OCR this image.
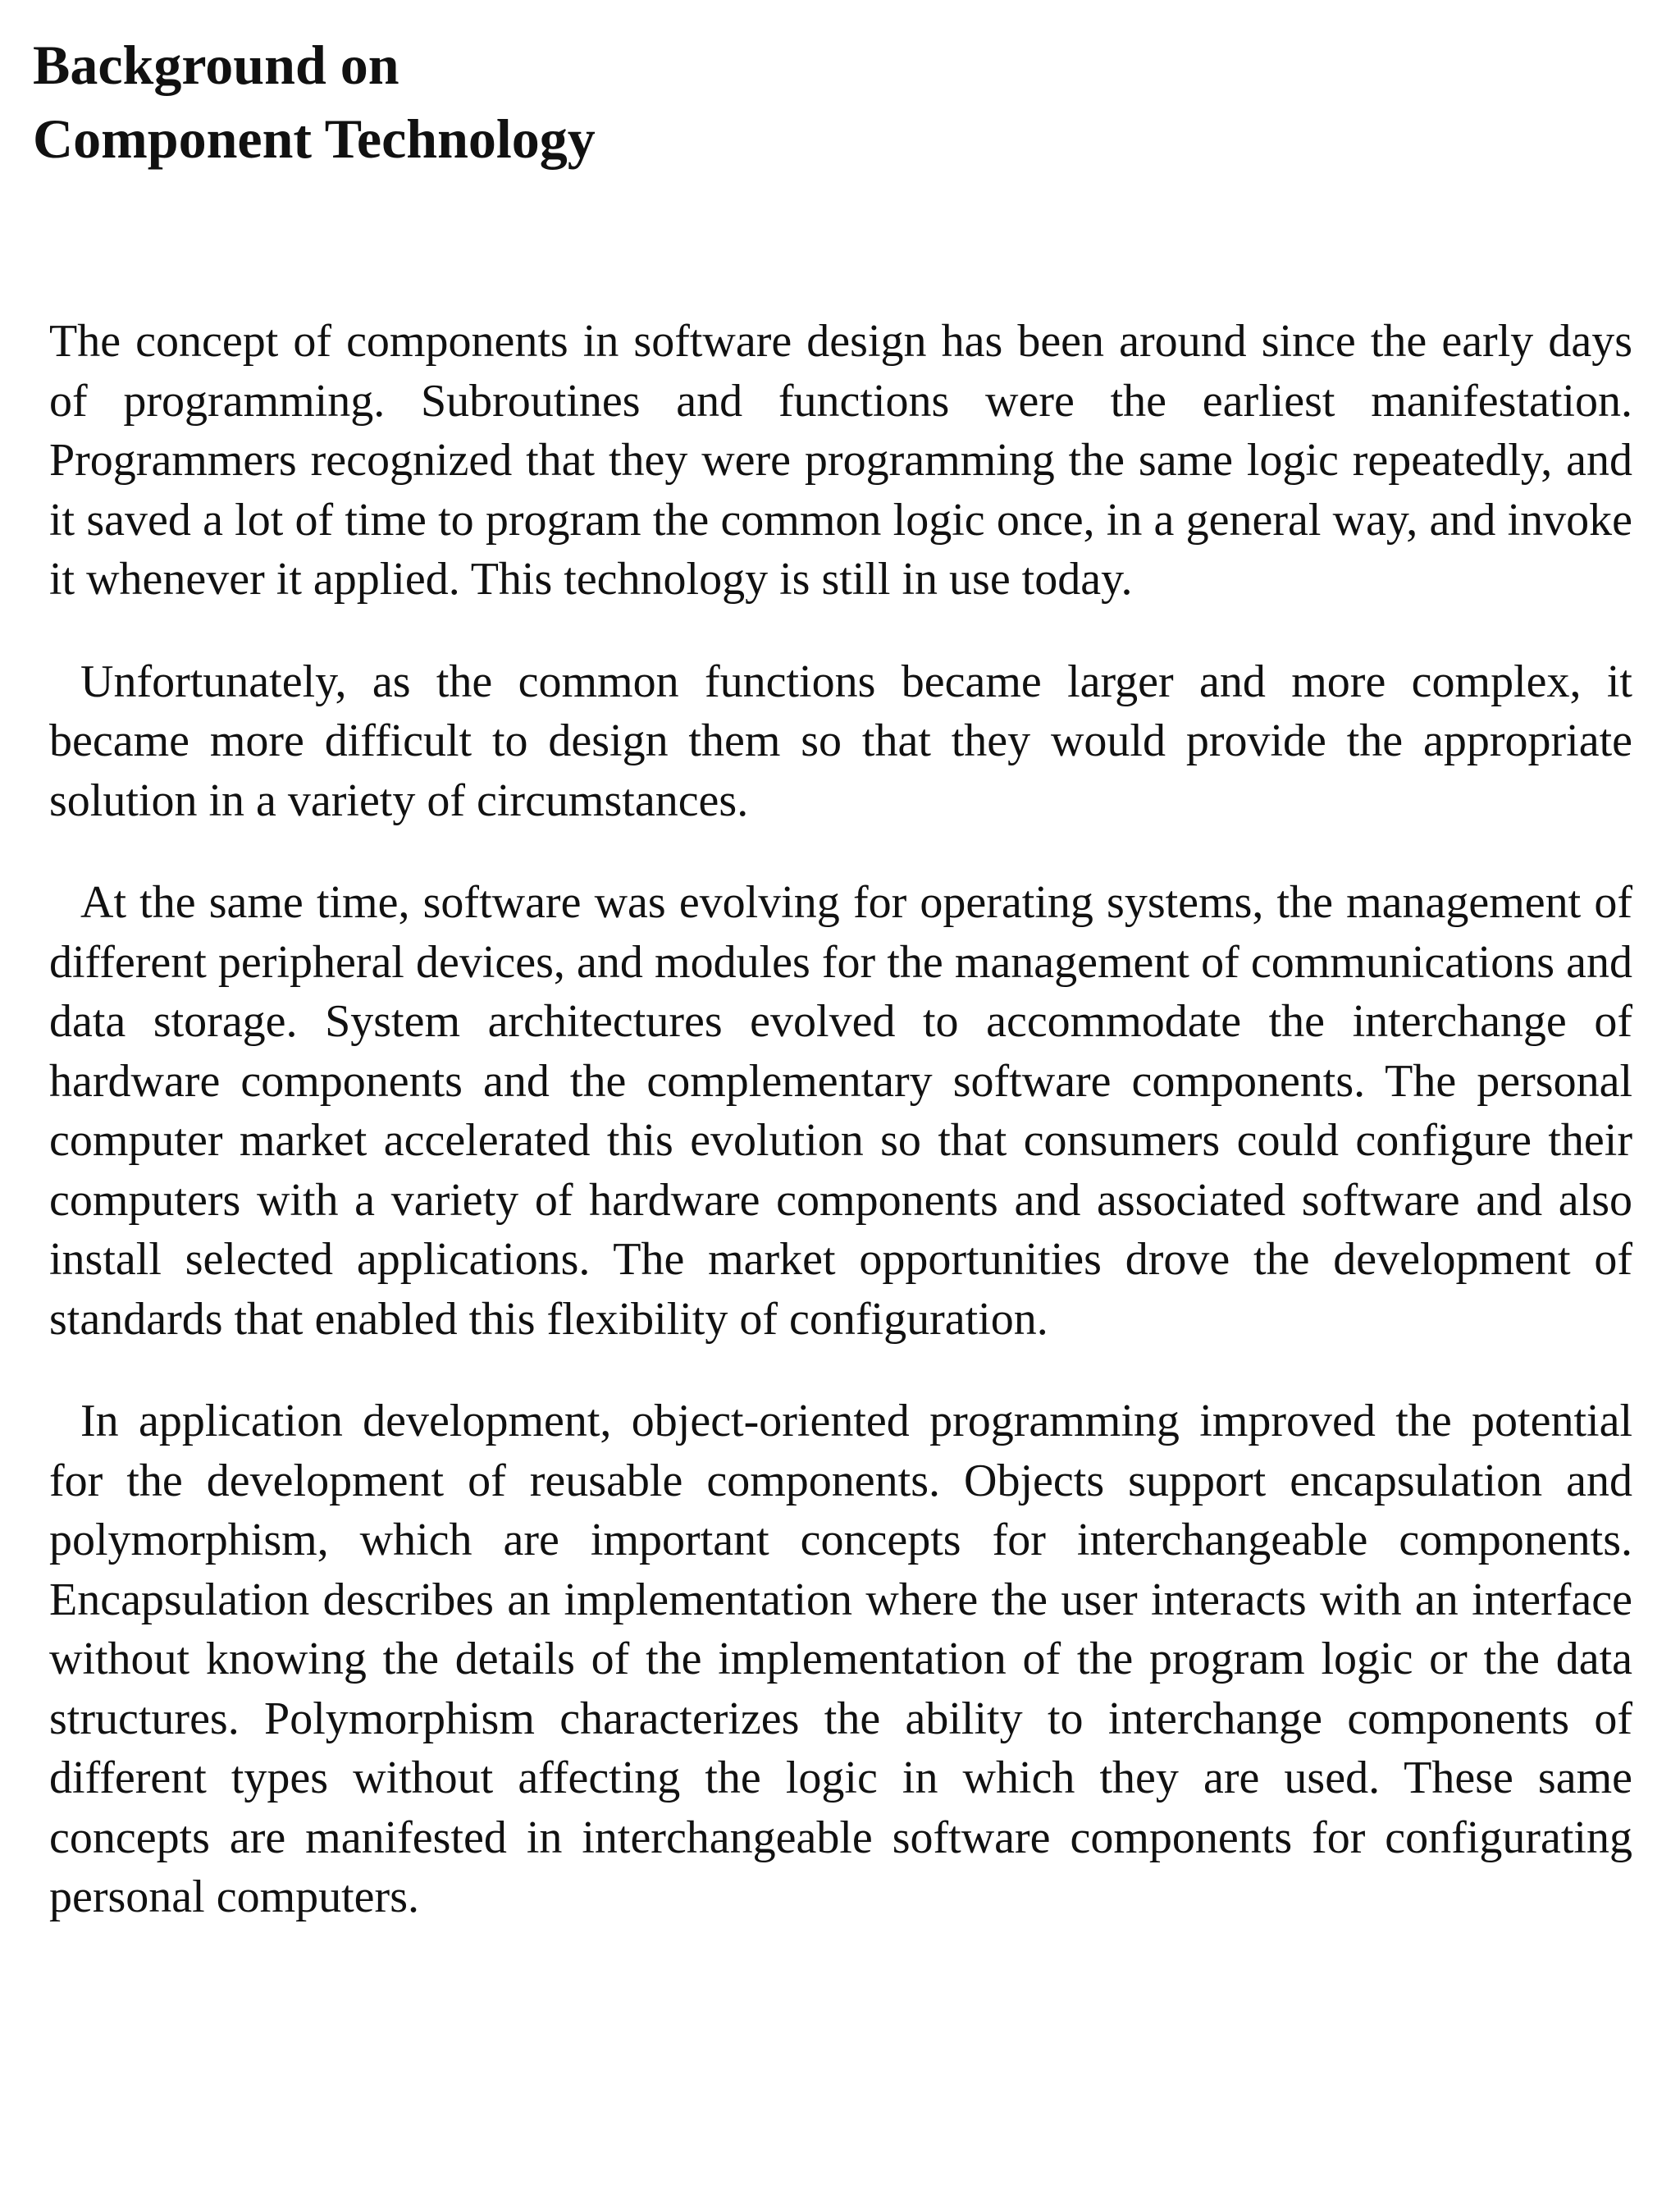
Background on
Component Technology

The concept of components in software design has been around since the early days of programming. Subroutines and functions were the earliest manifestation. Programmers recognized that they were programming the same logic repeatedly, and it saved a lot of time to program the common logic once, in a general way, and invoke it whenever it applied. This technology is still in use today.

Unfortunately, as the common functions became larger and more complex, it became more difficult to design them so that they would provide the appropriate solution in a variety of circumstances.

At the same time, software was evolving for operating systems, the management of different peripheral devices, and modules for the management of communications and data storage. System architectures evolved to accommodate the interchange of hardware components and the complementary software components. The personal computer market accelerated this evolution so that consumers could configure their computers with a variety of hardware components and associated software and also install selected applications. The market opportunities drove the development of standards that enabled this flexibility of configuration.

In application development, object-oriented programming improved the potential for the development of reusable components. Objects support encapsulation and polymorphism, which are important concepts for interchangeable components. Encapsulation describes an implementation where the user interacts with an interface without knowing the details of the implementation of the program logic or the data structures. Polymorphism characterizes the ability to interchange components of different types without affecting the logic in which they are used. These same concepts are manifested in interchangeable software components for configurating personal computers.
